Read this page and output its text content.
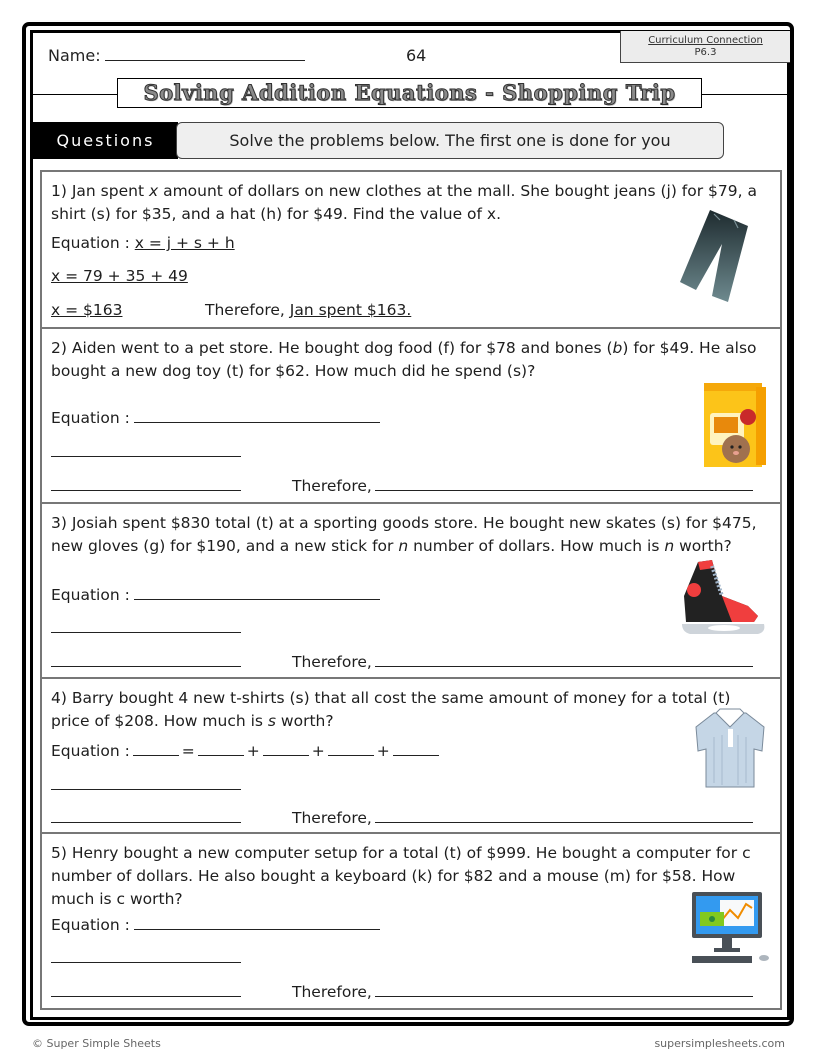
Name:	64
Curriculum Connection
P6.3
Solving Addition Equations - Shopping Trip
Questions	Solve the problems below. The first one is done for you
1) Jan spent x amount of dollars on new clothes at the mall. She bought jeans (j) for $79, a shirt (s) for $35, and a hat (h) for $49. Find the value of x.
Equation : x = j + s + h
x = 79 + 35 + 49
x = $163	Therefore, Jan spent $163.
2) Aiden went to a pet store. He bought dog food (f) for $78 and bones (b) for $49. He also bought a new dog toy (t) for $62. How much did he spend (s)?
Equation :
Therefore,
3) Josiah spent $830 total (t) at a sporting goods store. He bought new skates (s) for $475, new gloves (g) for $190, and a new stick for n number of dollars. How much is n worth?
Equation :
Therefore,
4) Barry bought 4 new t-shirts (s) that all cost the same amount of money for a total (t) price of $208. How much is s worth?
Equation :	=	+	+	+
Therefore,
5) Henry bought a new computer setup for a total (t) of $999. He bought a computer for c number of dollars. He also bought a keyboard (k) for $82 and a mouse (m) for $58. How much is c worth?
Equation :
Therefore,
© Super Simple Sheets	supersimplesheets.com
